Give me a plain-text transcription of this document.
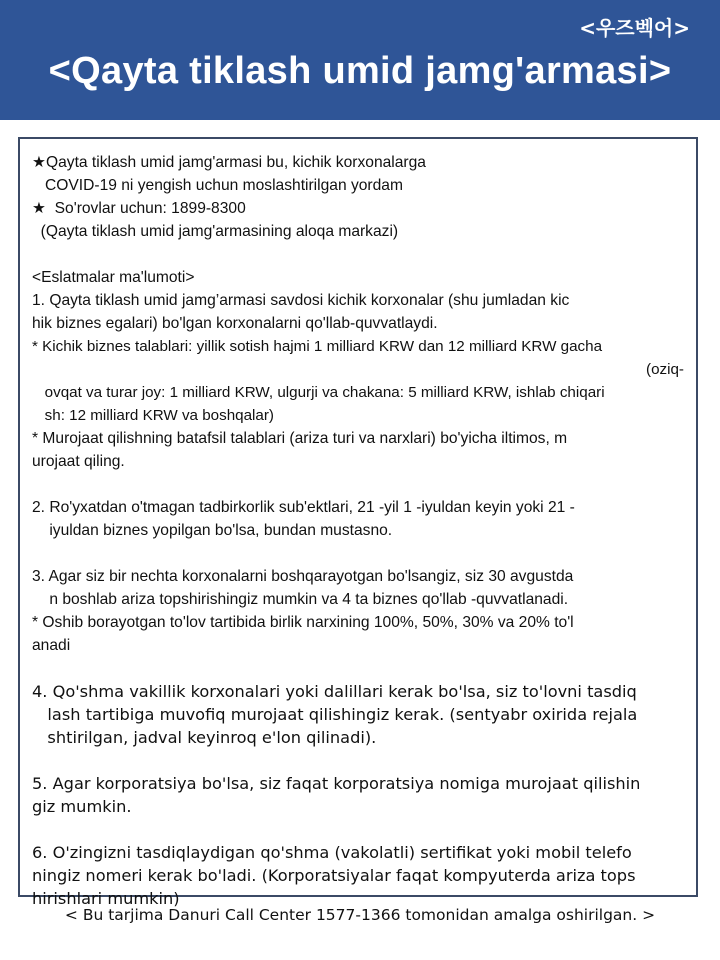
<우즈벡어>
<Qayta tiklash umid jamg'armasi>
★Qayta tiklash umid jamg'armasi bu, kichik korxonalarga
COVID-19 ni yengish uchun moslashtirilgan yordam
★  So'rovlar uchun: 1899-8300
(Qayta tiklash umid jamg'armasining aloqa markazi)
<Eslatmalar ma'lumoti>
1. Qayta tiklash umid jamg’armasi savdosi kichik korxonalar (shu jumladan kic
hik biznes egalari) bo'lgan korxonalarni qo'llab-quvvatlaydi.
* Kichik biznes talablari: yillik sotish hajmi 1 milliard KRW dan 12 milliard KRW gacha
(oziq-
ovqat va turar joy: 1 milliard KRW, ulgurji va chakana: 5 milliard KRW, ishlab chiqari
sh: 12 milliard KRW va boshqalar)
* Murojaat qilishning batafsil talablari (ariza turi va narxlari) bo'yicha iltimos, m
urojaat qiling.
2. Ro'yxatdan o'tmagan tadbirkorlik sub'ektlari, 21 -yil 1 -iyuldan keyin yoki 21 -
iyuldan biznes yopilgan bo'lsa, bundan mustasno.
3. Agar siz bir nechta korxonalarni boshqarayotgan bo'lsangiz, siz 30 avgustda
n boshlab ariza topshirishingiz mumkin va 4 ta biznes qo'llab -quvvatlanadi.
* Oshib borayotgan to'lov tartibida birlik narxining 100%, 50%, 30% va 20% to'l
anadi
4. Qo'shma vakillik korxonalari yoki dalillari kerak bo'lsa, siz to'lovni tasdiq
lash tartibiga muvofiq murojaat qilishingiz kerak. (sentyabr oxirida rejala
shtirilgan, jadval keyinroq e'lon qilinadi).
5. Agar korporatsiya bo'lsa, siz faqat korporatsiya nomiga murojaat qilishin
giz mumkin.
6. O'zingizni tasdiqlaydigan qo'shma (vakolatli) sertifikat yoki mobil telefo
ningiz nomeri kerak bo'ladi. (Korporatsiyalar faqat kompyuterda ariza tops
hirishlari mumkin)
< Bu tarjima Danuri Call Center 1577-1366 tomonidan amalga oshirilgan. >
